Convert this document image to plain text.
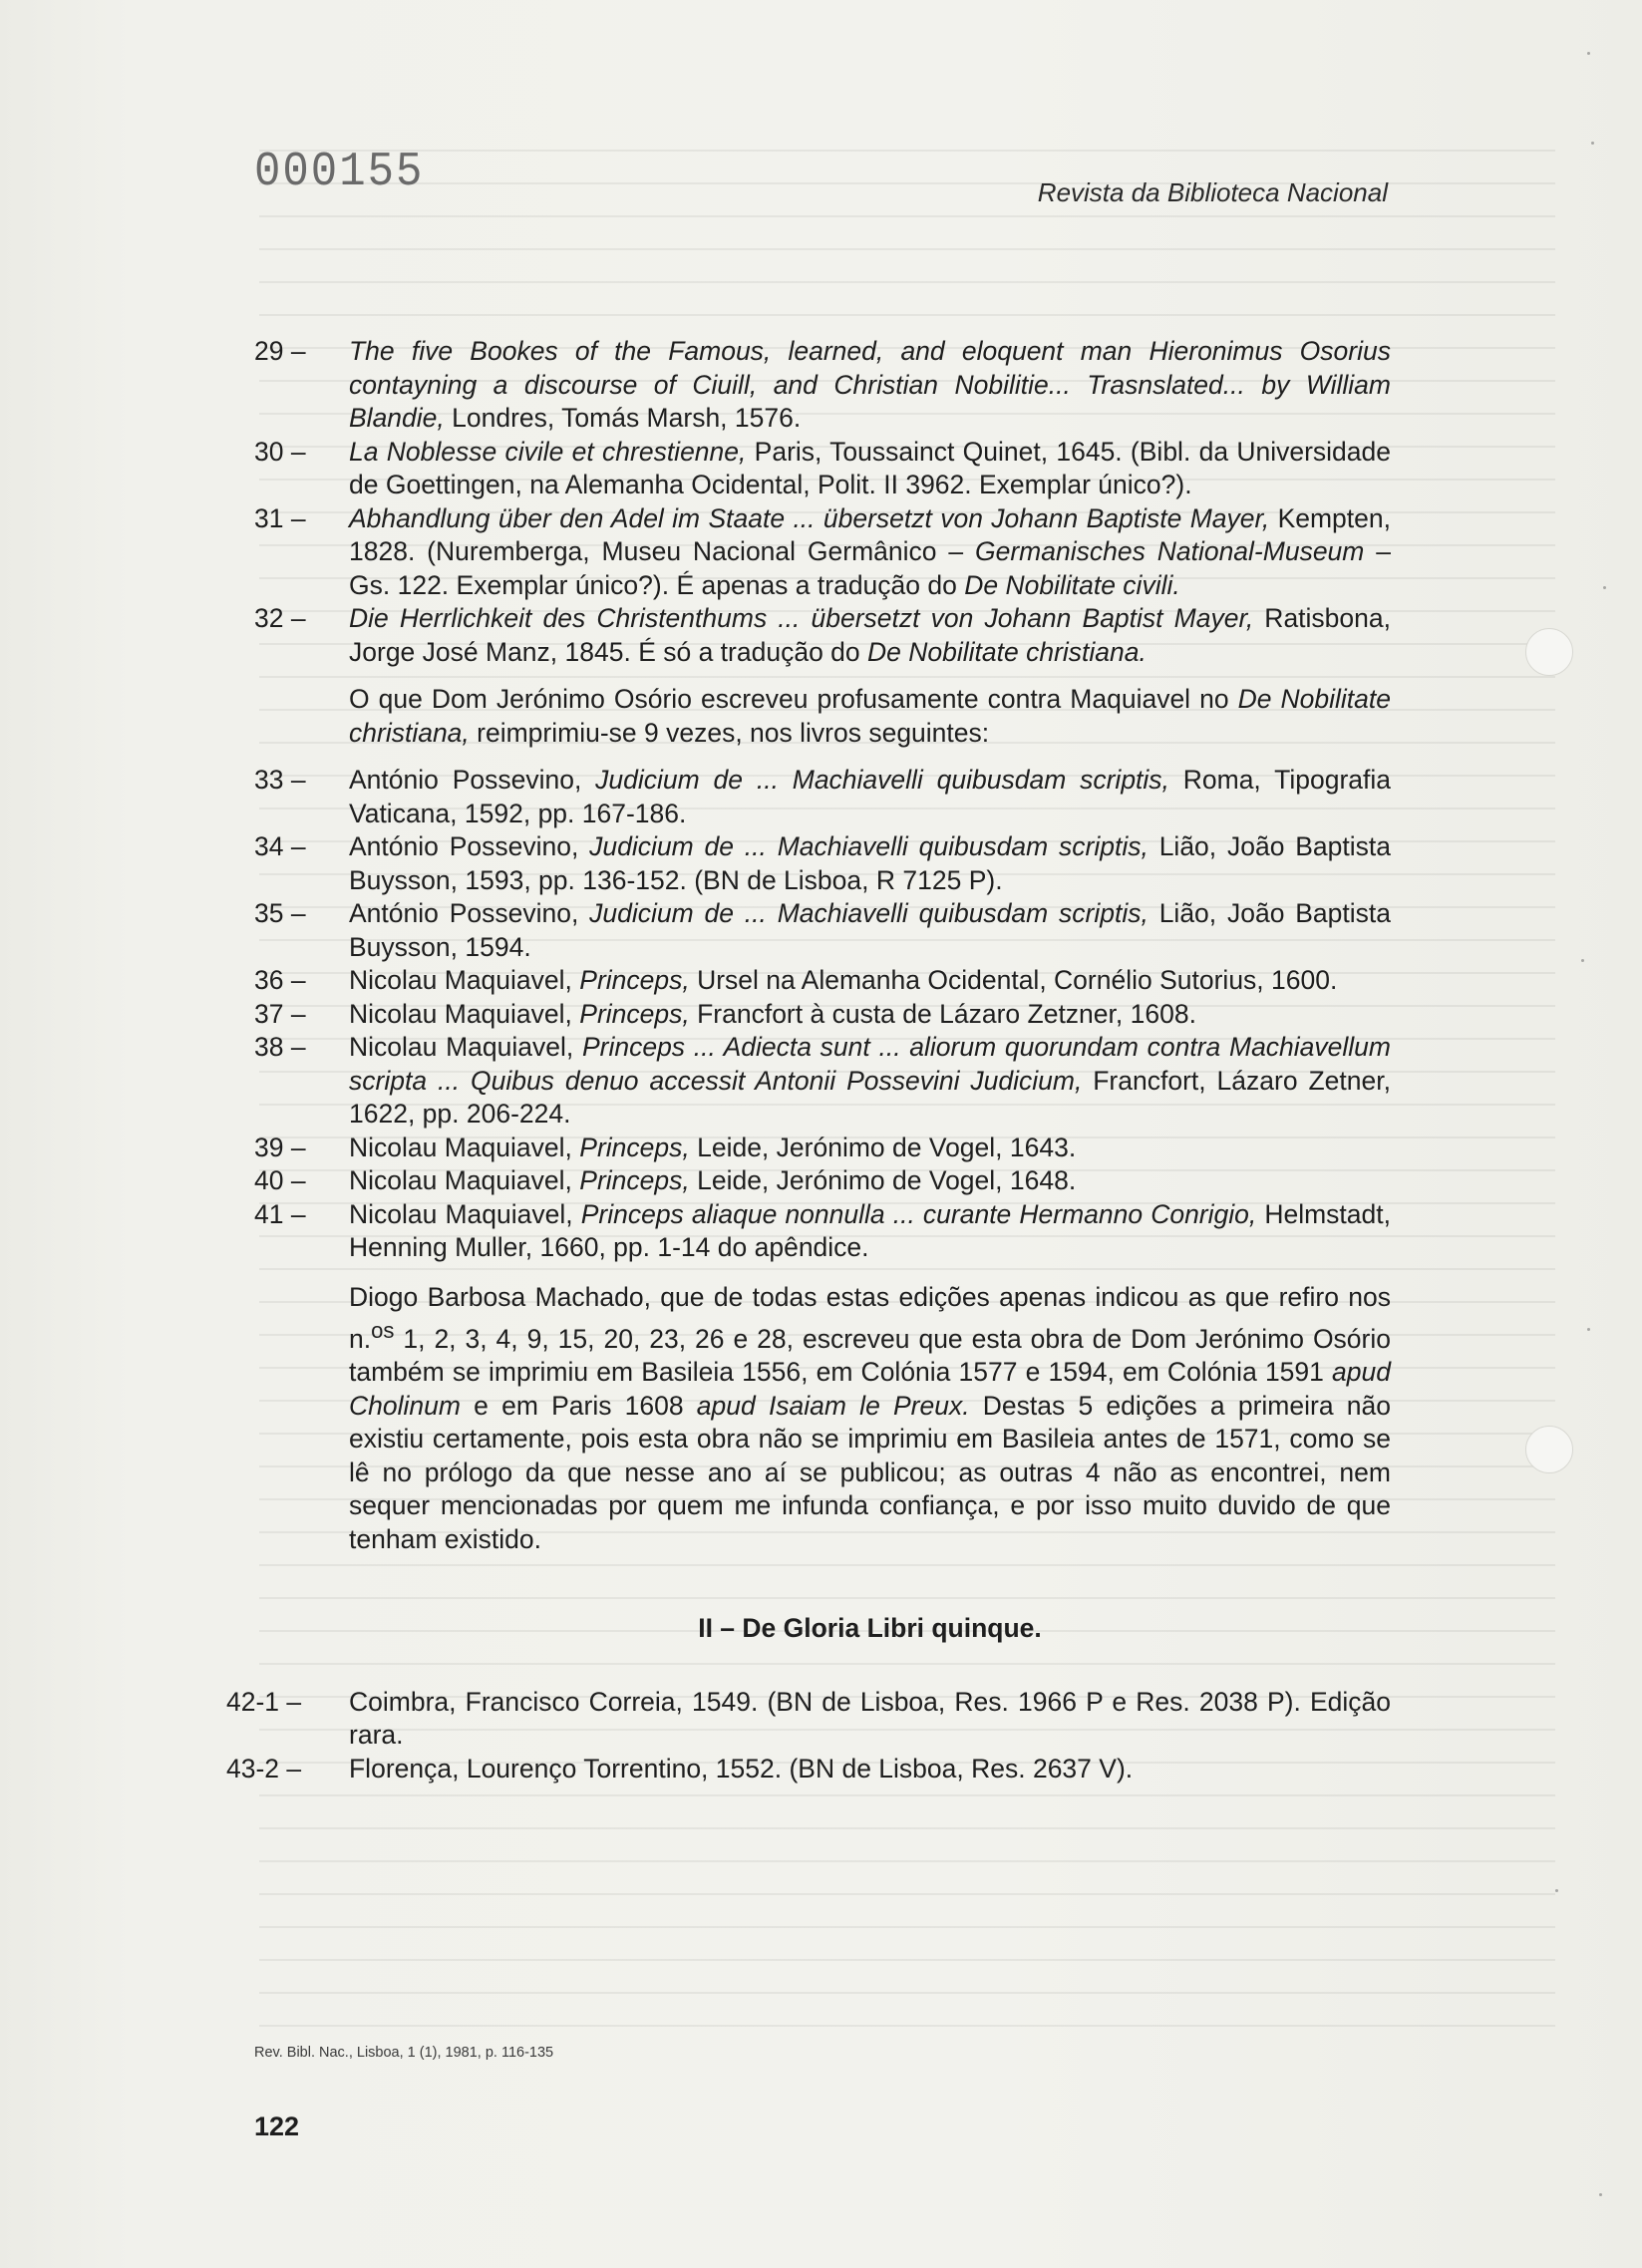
000155	Revista da Biblioteca Nacional
29 –	The five Bookes of the Famous, learned, and eloquent man Hieronimus Osorius contayning a discourse of Ciuill, and Christian Nobilitie... Trasnslated... by William Blandie, Londres, Tomás Marsh, 1576.
30 –	La Noblesse civile et chrestienne, Paris, Toussainct Quinet, 1645. (Bibl. da Universidade de Goettingen, na Alemanha Ocidental, Polit. II 3962. Exemplar único?).
31 –	Abhandlung über den Adel im Staate ... übersetzt von Johann Baptiste Mayer, Kempten, 1828. (Nuremberga, Museu Nacional Germânico – Germanisches National-Museum – Gs. 122. Exemplar único?). É apenas a tradução do De Nobilitate civili.
32 –	Die Herrlichkeit des Christenthums ... übersetzt von Johann Baptist Mayer, Ratisbona, Jorge José Manz, 1845. É só a tradução do De Nobilitate christiana.

O que Dom Jerónimo Osório escreveu profusamente contra Maquiavel no De Nobilitate christiana, reimprimiu-se 9 vezes, nos livros seguintes:

33 –	António Possevino, Judicium de ... Machiavelli quibusdam scriptis, Roma, Tipografia Vaticana, 1592, pp. 167-186.
34 –	António Possevino, Judicium de ... Machiavelli quibusdam scriptis, Lião, João Baptista Buysson, 1593, pp. 136-152. (BN de Lisboa, R 7125 P).
35 –	António Possevino, Judicium de ... Machiavelli quibusdam scriptis, Lião, João Baptista Buysson, 1594.
36 –	Nicolau Maquiavel, Princeps, Ursel na Alemanha Ocidental, Cornélio Sutorius, 1600.
37 –	Nicolau Maquiavel, Princeps, Francfort à custa de Lázaro Zetzner, 1608.
38 –	Nicolau Maquiavel, Princeps ... Adiecta sunt ... aliorum quorundam contra Machiavellum scripta ... Quibus denuo accessit Antonii Possevini Judicium, Francfort, Lázaro Zetner, 1622, pp. 206-224.
39 –	Nicolau Maquiavel, Princeps, Leide, Jerónimo de Vogel, 1643.
40 –	Nicolau Maquiavel, Princeps, Leide, Jerónimo de Vogel, 1648.
41 –	Nicolau Maquiavel, Princeps aliaque nonnulla ... curante Hermanno Conrigio, Helmstadt, Henning Muller, 1660, pp. 1-14 do apêndice.

Diogo Barbosa Machado, que de todas estas edições apenas indicou as que refiro nos n.$^{os}$ 1, 2, 3, 4, 9, 15, 20, 23, 26 e 28, escreveu que esta obra de Dom Jerónimo Osório também se imprimiu em Basileia 1556, em Colónia 1577 e 1594, em Colónia 1591 apud Cholinum e em Paris 1608 apud Isaiam le Preux. Destas 5 edições a primeira não existiu certamente, pois esta obra não se imprimiu em Basileia antes de 1571, como se lê no prólogo da que nesse ano aí se publicou; as outras 4 não as encontrei, nem sequer mencionadas por quem me infunda confiança, e por isso muito duvido de que tenham existido.

II – De Gloria Libri quinque.
42-1 –	Coimbra, Francisco Correia, 1549. (BN de Lisboa, Res. 1966 P e Res. 2038 P). Edição rara.
43-2 –	Florença, Lourenço Torrentino, 1552. (BN de Lisboa, Res. 2637 V).
Rev. Bibl. Nac., Lisboa, 1 (1), 1981, p. 116-135
122
